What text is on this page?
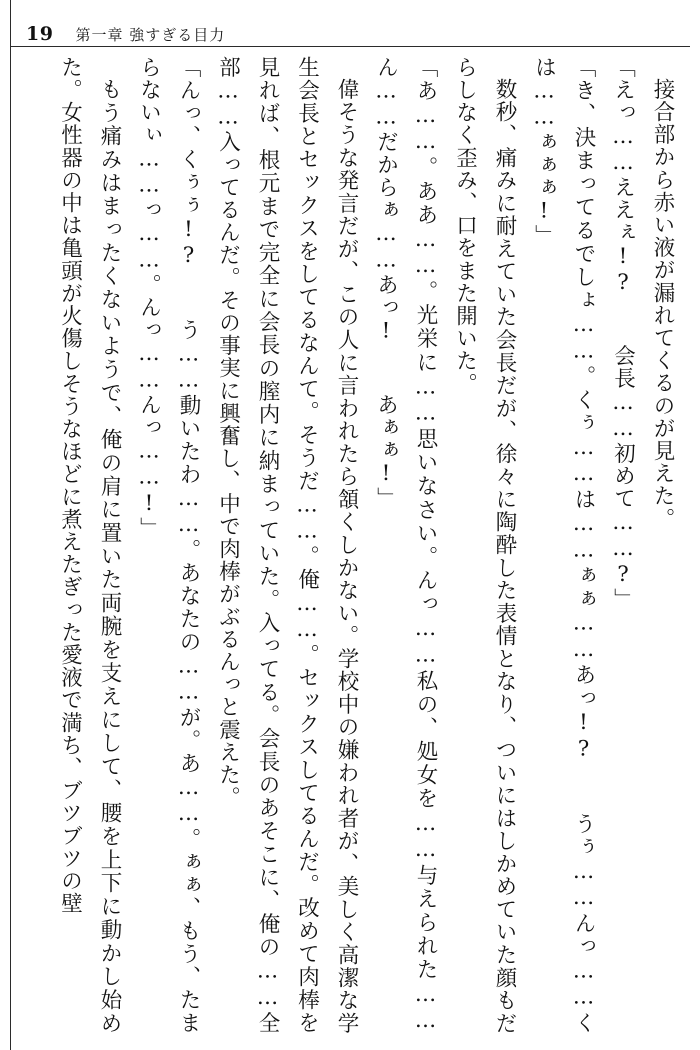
19 第一章 強すぎる目力

接合部から赤い液が漏れてくるのが見えた。

「えっ……ええぇ!? 　会長……初めて……?」

「き、決まってるでしょ……。くぅ……は……ぁぁ……あっ!? 　うぅ……んっ……くは……ぁぁぁ!」

数秒、痛みに耐えていた会長だが、徐々に陶酔した表情となり、ついにはしかめていた顔もだらしなく歪み、口をまた開いた。

「あ……。ああ……。光栄に……思いなさい。んっ……私の、処女を……与えられた……ん……だからぁ……あっ! 　あぁぁ!」

偉そうな発言だが、この人に言われたら頷くしかない。学校中の嫌われ者が、美しく高潔な学生会長とセックスをしてるなんて。そうだ……。俺……。セックスしてるんだ。改めて肉棒を見れば、根元まで完全に会長の膣内に納まっていた。入ってる。会長のあそこに、俺の……全部……入ってるんだ。その事実に興奮し、中で肉棒がぶるんっと震えた。

「んっ、くぅぅ!? 　う……動いたわ……。あなたの……が。あ……。ぁぁ、もう、たまらないぃ……っ……。んっ……んっ……!」

もう痛みはまったくないようで、俺の肩に置いた両腕を支えにして、腰を上下に動かし始めた。女性器の中は亀頭が火傷しそうなほどに煮えたぎった愛液で満ち、ブツブツの壁
